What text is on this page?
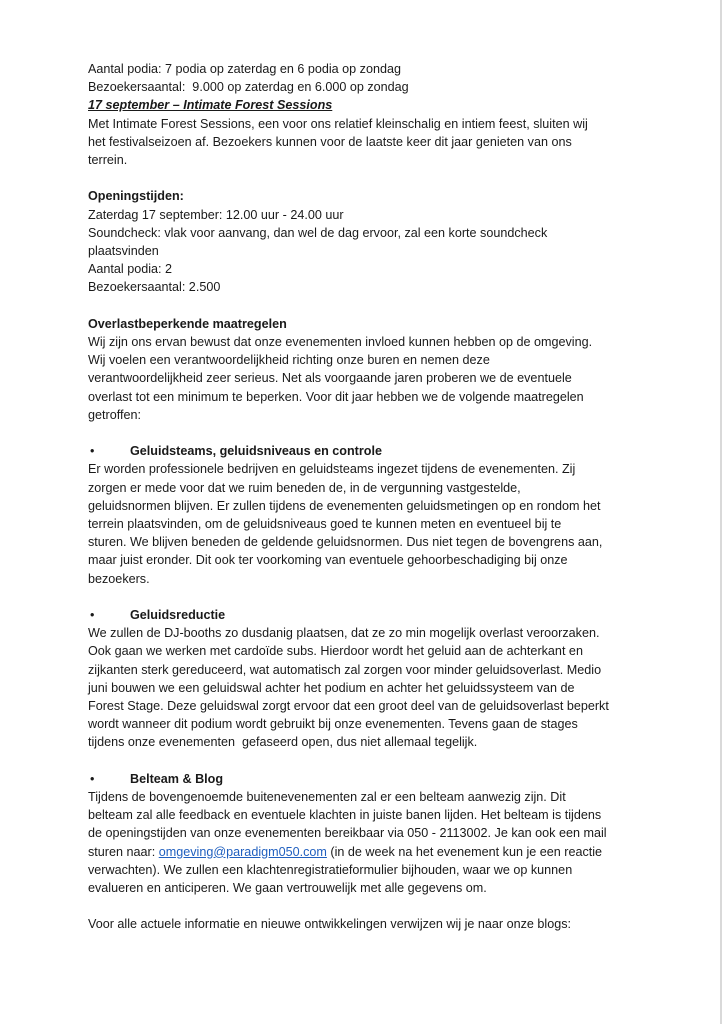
Aantal podia: 7 podia op zaterdag en 6 podia op zondag
Bezoekersaantal:  9.000 op zaterdag en 6.000 op zondag
17 september – Intimate Forest Sessions
Met Intimate Forest Sessions, een voor ons relatief kleinschalig en intiem feest, sluiten wij
het festivalseizoen af. Bezoekers kunnen voor de laatste keer dit jaar genieten van ons
terrein.
Openingstijden:
Zaterdag 17 september: 12.00 uur - 24.00 uur
Soundcheck: vlak voor aanvang, dan wel de dag ervoor, zal een korte soundcheck
plaatsvinden
Aantal podia: 2
Bezoekersaantal: 2.500
Overlastbeperkende maatregelen
Wij zijn ons ervan bewust dat onze evenementen invloed kunnen hebben op de omgeving.
Wij voelen een verantwoordelijkheid richting onze buren en nemen deze
verantwoordelijkheid zeer serieus. Net als voorgaande jaren proberen we de eventuele
overlast tot een minimum te beperken. Voor dit jaar hebben we de volgende maatregelen
getroffen:
•	Geluidsteams, geluidsniveaus en controle
Er worden professionele bedrijven en geluidsteams ingezet tijdens de evenementen. Zij
zorgen er mede voor dat we ruim beneden de, in de vergunning vastgestelde,
geluidsnormen blijven. Er zullen tijdens de evenementen geluidsmetingen op en rondom het
terrein plaatsvinden, om de geluidsniveaus goed te kunnen meten en eventueel bij te
sturen. We blijven beneden de geldende geluidsnormen. Dus niet tegen de bovengrens aan,
maar juist eronder. Dit ook ter voorkoming van eventuele gehoorbeschadiging bij onze
bezoekers.
•	Geluidsreductie
We zullen de DJ-booths zo dusdanig plaatsen, dat ze zo min mogelijk overlast veroorzaken.
Ook gaan we werken met cardoïde subs. Hierdoor wordt het geluid aan de achterkant en
zijkanten sterk gereduceerd, wat automatisch zal zorgen voor minder geluidsoverlast. Medio
juni bouwen we een geluidswal achter het podium en achter het geluidssysteem van de
Forest Stage. Deze geluidswal zorgt ervoor dat een groot deel van de geluidsoverlast beperkt
wordt wanneer dit podium wordt gebruikt bij onze evenementen. Tevens gaan de stages
tijdens onze evenementen  gefaseerd open, dus niet allemaal tegelijk.
•	Belteam & Blog
Tijdens de bovengenoemde buitenevenementen zal er een belteam aanwezig zijn. Dit
belteam zal alle feedback en eventuele klachten in juiste banen lijden. Het belteam is tijdens
de openingstijden van onze evenementen bereikbaar via 050 - 2113002. Je kan ook een mail
sturen naar: omgeving@paradigm050.com (in de week na het evenement kun je een reactie
verwachten). We zullen een klachtenregistratieformulier bijhouden, waar we op kunnen
evalueren en anticiperen. We gaan vertrouwelijk met alle gegevens om.
Voor alle actuele informatie en nieuwe ontwikkelingen verwijzen wij je naar onze blogs:
